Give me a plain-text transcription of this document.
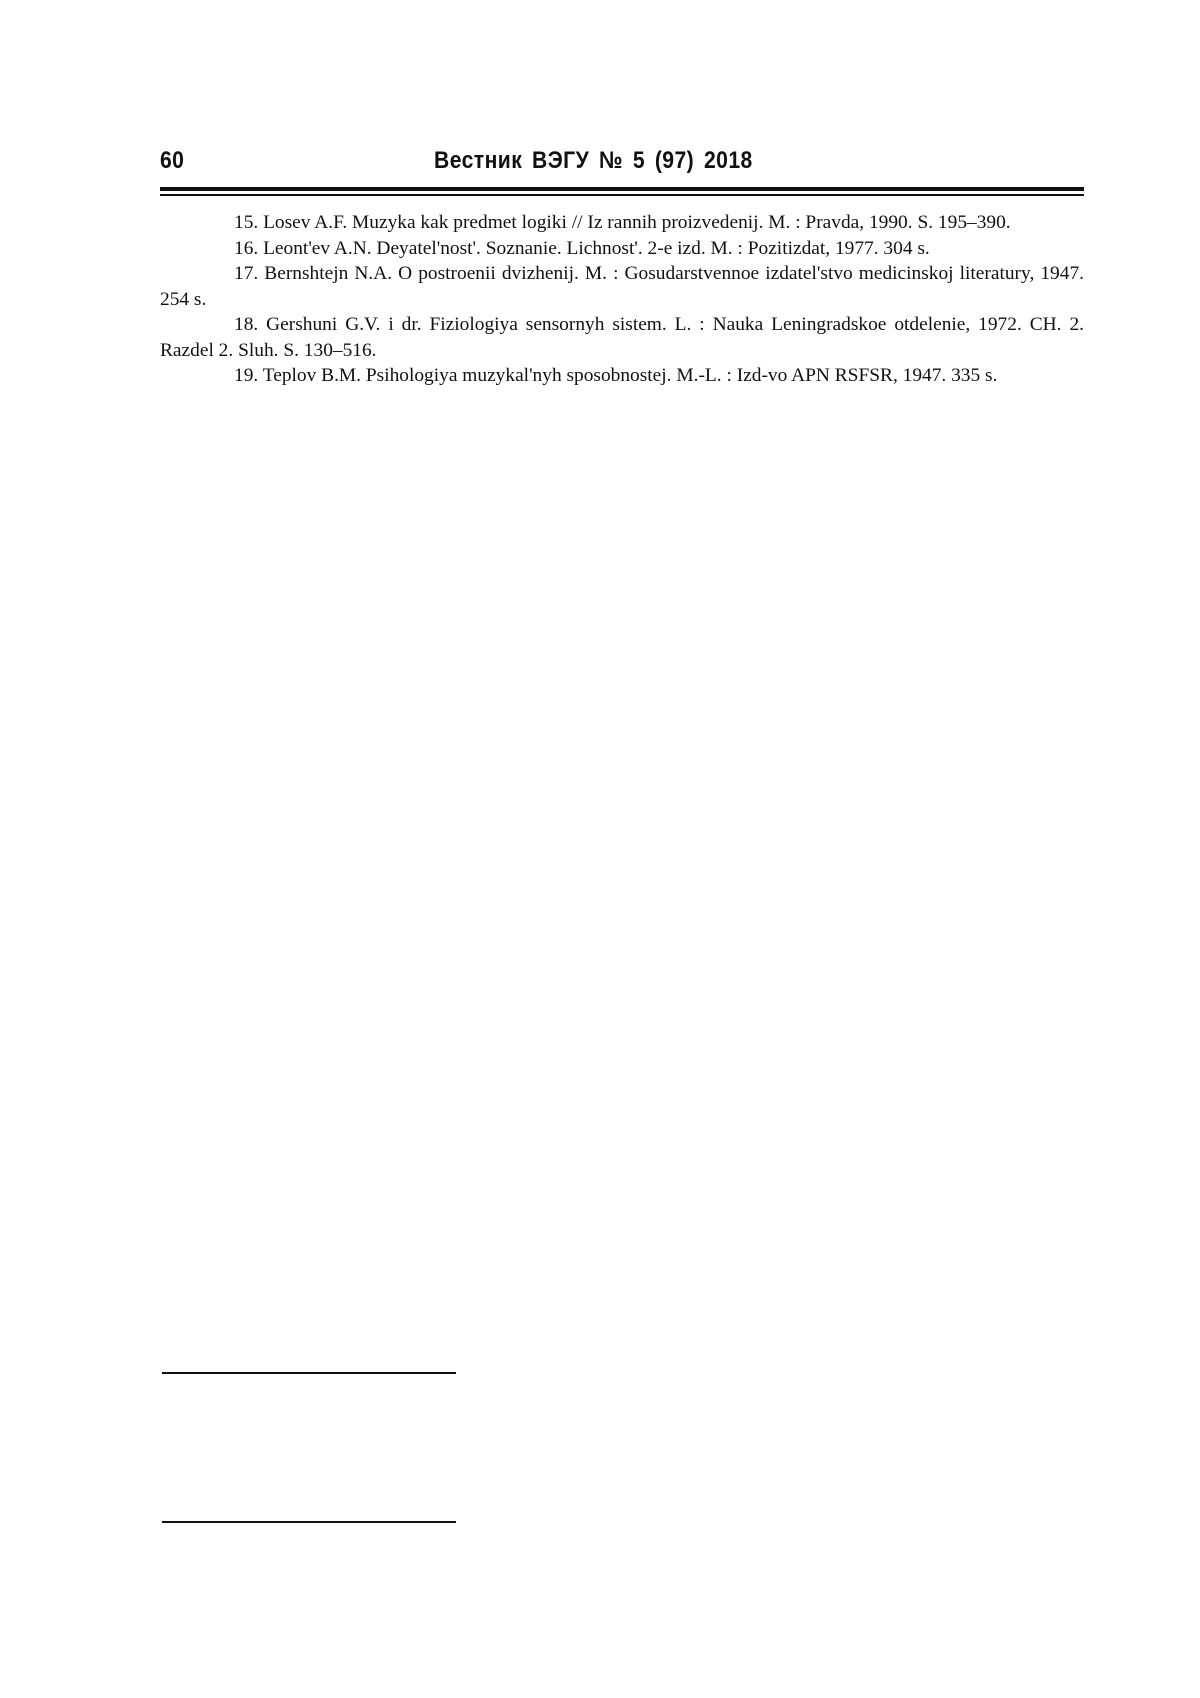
60	Вестник ВЭГУ № 5 (97) 2018

15. Losev A.F. Muzyka kak predmet logiki // Iz rannih proizvedenij. M. : Pravda, 1990. S. 195–390.

16. Leont'ev A.N. Deyatel'nost'. Soznanie. Lichnost'. 2-e izd. M. : Pozitizdat, 1977. 304 s.

17. Bernshtejn N.A. O postroenii dvizhenij. M. : Gosudarstvennoe izdatel'stvo medicinskoj literatury, 1947. 254 s.

18. Gershuni G.V. i dr. Fiziologiya sensornyh sistem. L. : Nauka Leningradskoe otdelenie, 1972. CH. 2. Razdel 2. Sluh. S. 130–516.

19. Teplov B.M. Psihologiya muzykal'nyh sposobnostej. M.-L. : Izd-vo APN RSFSR, 1947. 335 s.
